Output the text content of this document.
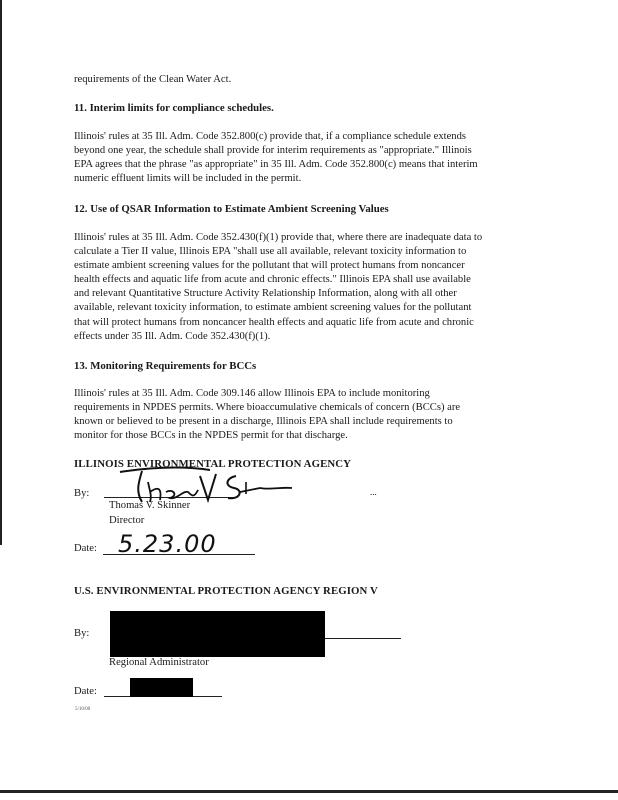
requirements of the Clean Water Act.
11. Interim limits for compliance schedules.
Illinois' rules at 35 Ill. Adm. Code 352.800(c) provide that, if a compliance schedule extends
beyond one year, the schedule shall provide for interim requirements as "appropriate." Illinois
EPA agrees that the phrase "as appropriate" in 35 Ill. Adm. Code 352.800(c) means that interim
numeric effluent limits will be included in the permit.
12. Use of QSAR Information to Estimate Ambient Screening Values
Illinois' rules at 35 Ill. Adm. Code 352.430(f)(1) provide that, where there are inadequate data to
calculate a Tier II value, Illinois EPA "shall use all available, relevant toxicity information to
estimate ambient screening values for the pollutant that will protect humans from noncancer
health effects and aquatic life from acute and chronic effects." Illinois EPA shall use available
and relevant Quantitative Structure Activity Relationship Information, along with all other
available, relevant toxicity information, to estimate ambient screening values for the pollutant
that will protect humans from noncancer health effects and aquatic life from acute and chronic
effects under 35 Ill. Adm. Code 352.430(f)(1).
13. Monitoring Requirements for BCCs
Illinois' rules at 35 Ill. Adm. Code 309.146 allow Illinois EPA to include monitoring
requirements in NPDES permits. Where bioaccumulative chemicals of concern (BCCs) are
known or believed to be present in a discharge, Illinois EPA shall include requirements to
monitor for those BCCs in the NPDES permit for that discharge.
ILLINOIS ENVIRONMENTAL PROTECTION AGENCY
By:	...
Thomas V. Skinner
Director
Date: 5.23.00
U.S. ENVIRONMENTAL PROTECTION AGENCY REGION V
By:
Regional Administrator
Date:
5/10/00
